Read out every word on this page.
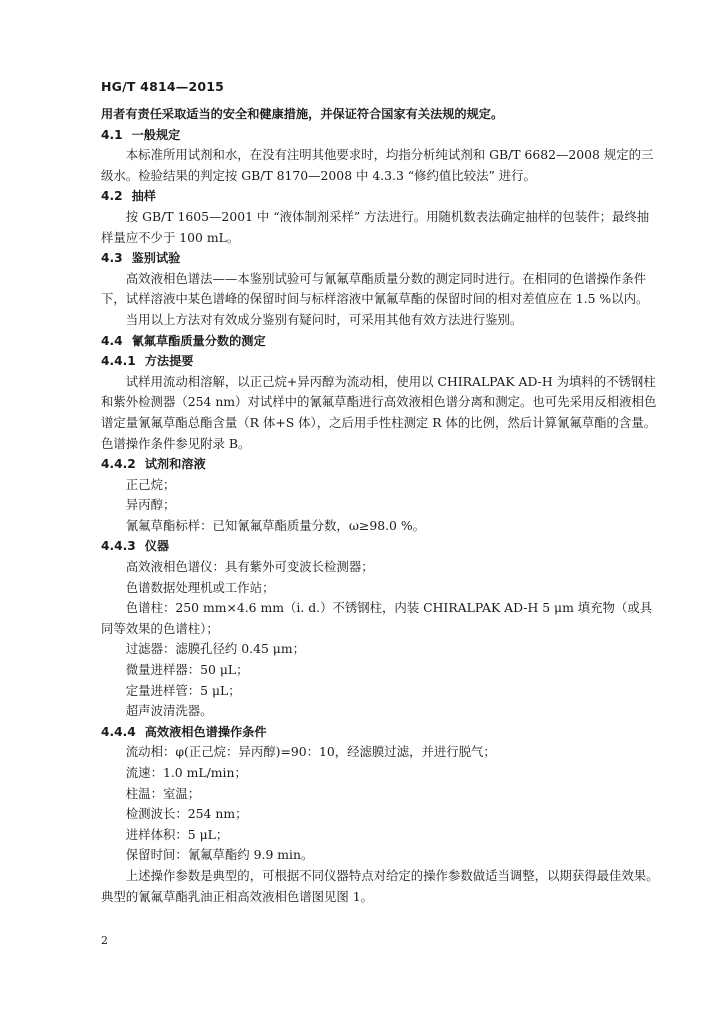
HG/T 4814—2015

用者有责任采取适当的安全和健康措施，并保证符合国家有关法规的规定。

4.1 一般规定

本标准所用试剂和水，在没有注明其他要求时，均指分析纯试剂和 GB/T 6682—2008 规定的三级水。检验结果的判定按 GB/T 8170—2008 中 4.3.3 “修约值比较法” 进行。

4.2 抽样

按 GB/T 1605—2001 中 “液体制剂采样” 方法进行。用随机数表法确定抽样的包装件；最终抽样量应不少于 100 mL。

4.3 鉴别试验

高效液相色谱法——本鉴别试验可与氰氟草酯质量分数的测定同时进行。在相同的色谱操作条件下，试样溶液中某色谱峰的保留时间与标样溶液中氰氟草酯的保留时间的相对差值应在 1.5 %以内。

当用以上方法对有效成分鉴别有疑问时，可采用其他有效方法进行鉴别。

4.4 氰氟草酯质量分数的测定
4.4.1 方法提要

试样用流动相溶解，以正己烷+异丙醇为流动相，使用以 CHIRALPAK AD-H 为填料的不锈钢柱和紫外检测器（254 nm）对试样中的氰氟草酯进行高效液相色谱分离和测定。也可先采用反相液相色谱定量氰氟草酯总酯含量（R 体+S 体），之后用手性柱测定 R 体的比例，然后计算氰氟草酯的含量。色谱操作条件参见附录 B。

4.4.2 试剂和溶液

正己烷；

异丙醇；

氰氟草酯标样：已知氰氟草酯质量分数，ω≥98.0 %。

4.4.3 仪器

高效液相色谱仪：具有紫外可变波长检测器；

色谱数据处理机或工作站；

色谱柱：250 mm×4.6 mm（i. d.）不锈钢柱，内装 CHIRALPAK AD-H 5 μm 填充物（或具同等效果的色谱柱）；

过滤器：滤膜孔径约 0.45 μm；

微量进样器：50 μL；

定量进样管：5 μL；

超声波清洗器。

4.4.4 高效液相色谱操作条件

流动相：φ(正己烷：异丙醇)=90：10，经滤膜过滤，并进行脱气；

流速：1.0 mL/min；

柱温：室温；

检测波长：254 nm；

进样体积：5 μL；

保留时间：氰氟草酯约 9.9 min。

上述操作参数是典型的，可根据不同仪器特点对给定的操作参数做适当调整，以期获得最佳效果。典型的氰氟草酯乳油正相高效液相色谱图见图 1。

2
